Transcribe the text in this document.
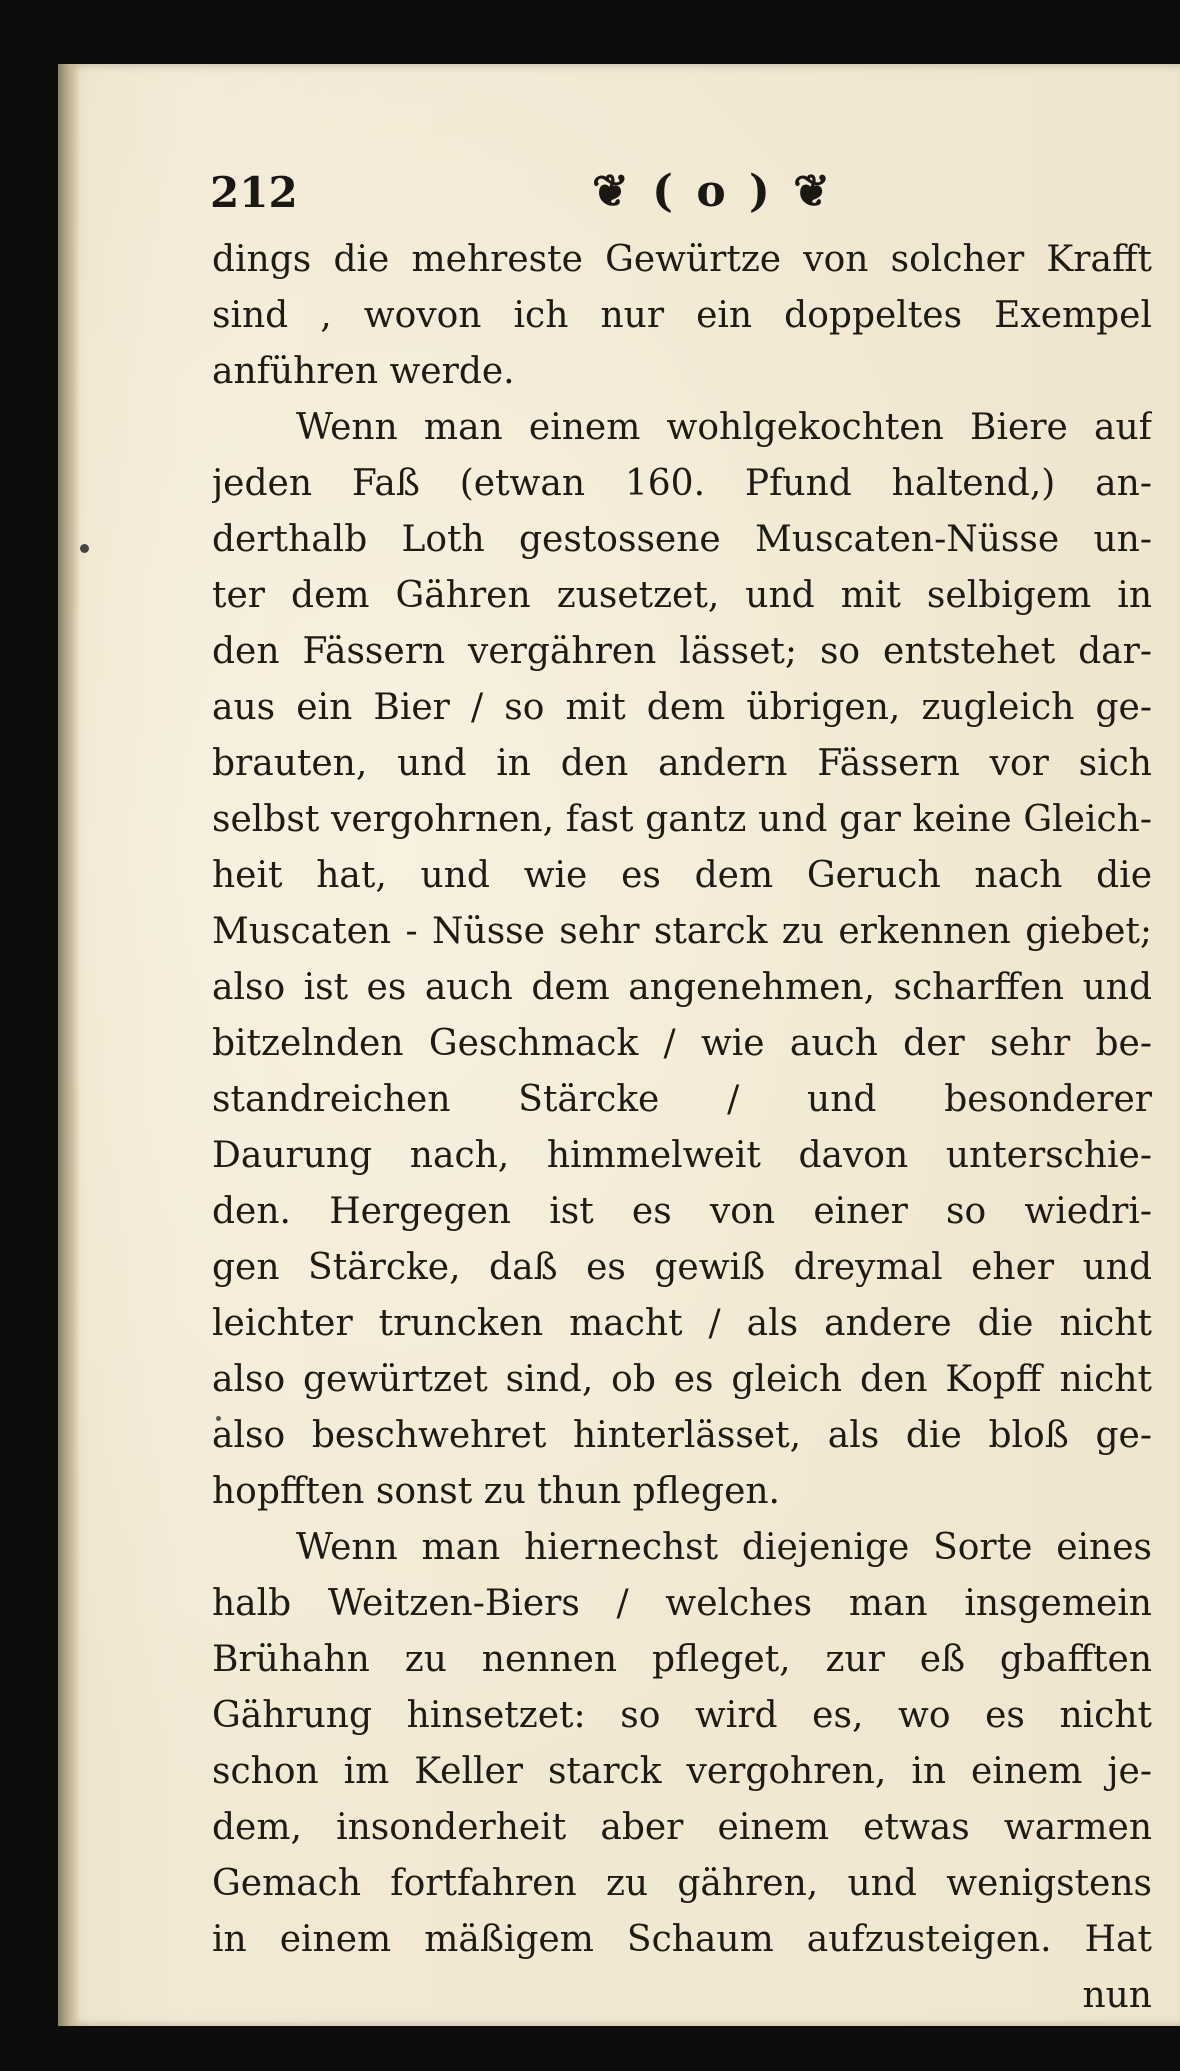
212	❦ ( o ) ❦
dings die mehreste Gewürtze von solcher Krafft
sind , wovon ich nur ein doppeltes Exempel
anführen werde.
Wenn man einem wohlgekochten Biere auf
jeden Faß (etwan 160. Pfund haltend,) an-
derthalb Loth gestossene Muscaten-Nüsse un-
ter dem Gähren zusetzet, und mit selbigem in
den Fässern vergähren lässet; so entstehet dar-
aus ein Bier / so mit dem übrigen, zugleich ge-
brauten, und in den andern Fässern vor sich
selbst vergohrnen, fast gantz und gar keine Gleich-
heit hat, und wie es dem Geruch nach die
Muscaten - Nüsse sehr starck zu erkennen giebet;
also ist es auch dem angenehmen, scharffen und
bitzelnden Geschmack / wie auch der sehr be-
standreichen Stärcke / und besonderer
Daurung nach, himmelweit davon unterschie-
den. Hergegen ist es von einer so wiedri-
gen Stärcke, daß es gewiß dreymal eher und
leichter truncken macht / als andere die nicht
also gewürtzet sind, ob es gleich den Kopff nicht
also beschwehret hinterlässet, als die bloß ge-
hopfften sonst zu thun pflegen.
Wenn man hiernechst diejenige Sorte eines
halb Weitzen-Biers / welches man insgemein
Brühahn zu nennen pfleget, zur eß gbafften
Gährung hinsetzet: so wird es, wo es nicht
schon im Keller starck vergohren, in einem je-
dem, insonderheit aber einem etwas warmen
Gemach fortfahren zu gähren, und wenigstens
in einem mäßigem Schaum aufzusteigen. Hat
nun
